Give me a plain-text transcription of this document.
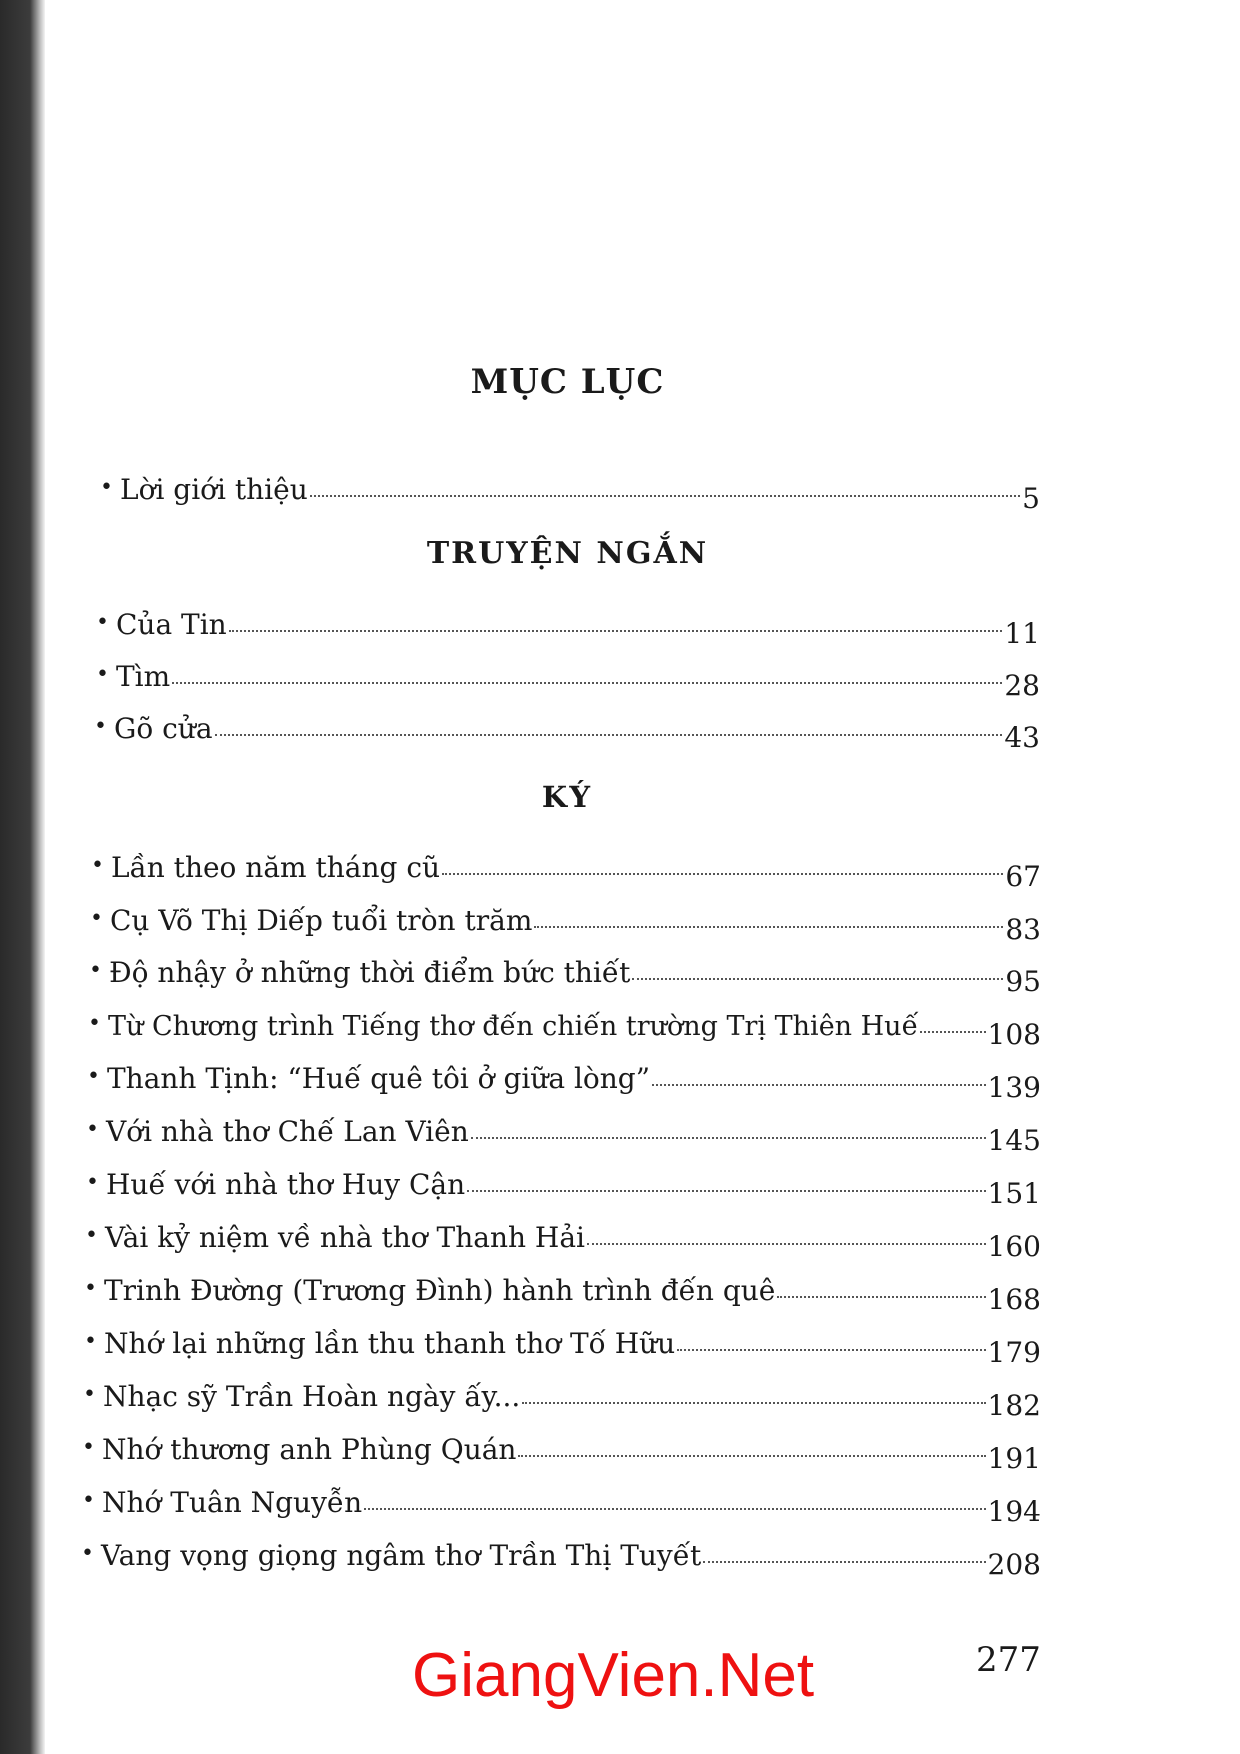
MỤC LỤC
• Lời giới thiệu	5
TRUYỆN NGẮN
• Của Tin	11
• Tìm	28
• Gõ cửa	43
KÝ
• Lần theo năm tháng cũ	67
• Cụ Võ Thị Diếp tuổi tròn trăm	83
• Độ nhậy ở những thời điểm bức thiết	95
• Từ Chương trình Tiếng thơ đến chiến trường Trị Thiên Huế 108
• Thanh Tịnh: “Huế quê tôi ở giữa lòng”	139
• Với nhà thơ Chế Lan Viên	145
• Huế với nhà thơ Huy Cận	151
• Vài kỷ niệm về nhà thơ Thanh Hải	160
• Trinh Đường (Trương Đình) hành trình đến quê	168
• Nhớ lại những lần thu thanh thơ Tố Hữu	179
• Nhạc sỹ Trần Hoàn ngày ấy...	182
• Nhớ thương anh Phùng Quán	191
• Nhớ Tuân Nguyễn	194
• Vang vọng giọng ngâm thơ Trần Thị Tuyết	208
GiangVien.Net	277
